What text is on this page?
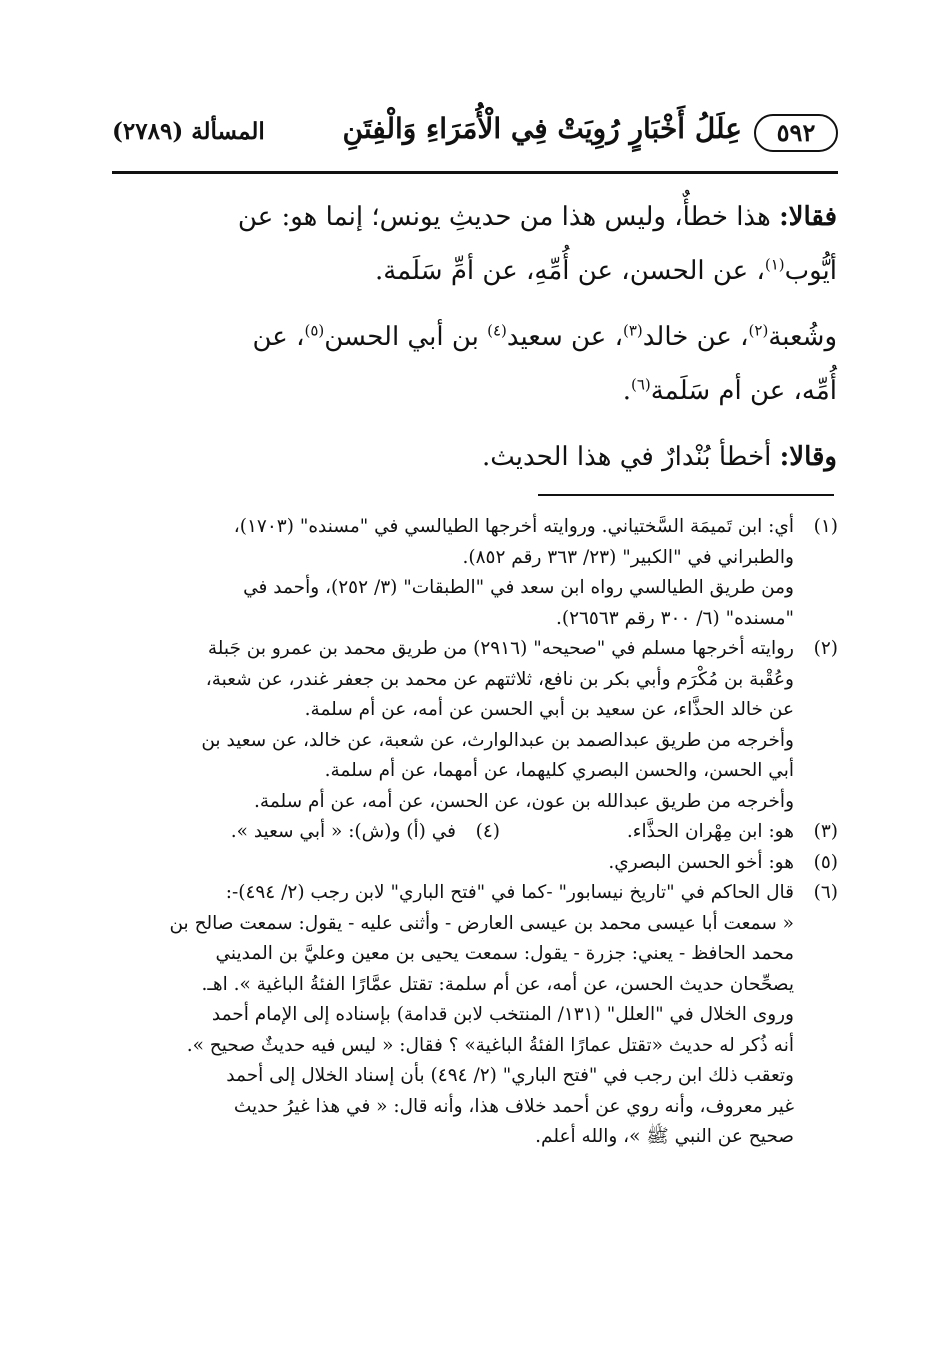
٥٩٢
عِلَلُ أَخْبَارٍ رُوِيَتْ فِي الْأُمَرَاءِ وَالْفِتَنِ
المسألة (٢٧٨٩)

فقالا: هذا خطأٌ، وليس هذا من حديثِ يونس؛ إنما هو: عن

أيُّوب$^{(١)}$، عن الحسن، عن أُمِّهِ، عن أمِّ سَلَمة.

وشُعبة$^{(٢)}$، عن خالد$^{(٣)}$، عن سعيد$^{(٤)}$ بن أبي الحسن$^{(٥)}$، عن

أُمِّه، عن أم سَلَمة$^{(٦)}$.

وقالا: أخطأ بُنْدارٌ في هذا الحديث.

(١)

أي: ابن تَميمَة السَّختياني. وروايته أخرجها الطيالسي في "مسنده" (١٧٠٣)،

والطبراني في "الكبير" (٢٣/ ٣٦٣ رقم ٨٥٢).

ومن طريق الطيالسي رواه ابن سعد في "الطبقات" (٣/ ٢٥٢)، وأحمد في

"مسنده" (٦/ ٣٠٠ رقم ٢٦٥٦٣).

(٢)

روايته أخرجها مسلم في "صحيحه" (٢٩١٦) من طريق محمد بن عمرو بن جَبلة

وعُقْبة بن مُكْرَم وأبي بكر بن نافع، ثلاثتهم عن محمد بن جعفر غندر، عن شعبة،

عن خالد الحذَّاء، عن سعيد بن أبي الحسن عن أمه، عن أم سلمة.

وأخرجه من طريق عبدالصمد بن عبدالوارث، عن شعبة، عن خالد، عن سعيد بن

أبي الحسن، والحسن البصري كليهما، عن أمهما، عن أم سلمة.

وأخرجه من طريق عبدالله بن عون، عن الحسن، عن أمه، عن أم سلمة.

(٣)
هو: ابن مِهْران الحذَّاء.
(٤)
في (أ) و(ش): « أبي سعيد ».
(٥)

هو: أخو الحسن البصري.

(٦)

قال الحاكم في "تاريخ نيسابور" -كما في "فتح الباري" لابن رجب (٢/ ٤٩٤)-:

« سمعت أبا عيسى محمد بن عيسى العارض - وأثنى عليه - يقول: سمعت صالح بن

محمد الحافظ - يعني: جزرة - يقول: سمعت يحيى بن معين وعليَّ بن المديني

يصحِّحان حديث الحسن، عن أمه، عن أم سلمة: تقتل عمَّارًا الفئةُ الباغية ». اهـ.

وروى الخلال في "العلل" (١٣١/ المنتخب لابن قدامة) بإسناده إلى الإمام أحمد

أنه ذُكر له حديث «تقتل عمارًا الفئةُ الباغية» ؟ فقال: « ليس فيه حديثٌ صحيح ».

وتعقب ذلك ابن رجب في "فتح الباري" (٢/ ٤٩٤) بأن إسناد الخلال إلى أحمد

غير معروف، وأنه روي عن أحمد خلاف هذا، وأنه قال: « في هذا غيرُ حديث

صحيح عن النبي ﷺ »، والله أعلم.
